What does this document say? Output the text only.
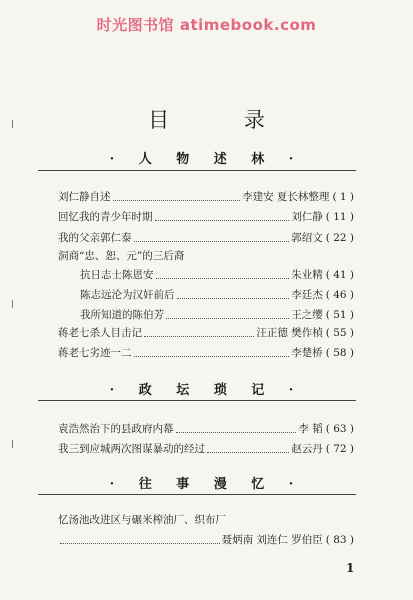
时光图书馆 atimebook.com
目 录
· 人 物 述 林 ·
刘仁静自述	李建安 夏长林整理 ( 1 )
回忆我的青少年时期	刘仁静 ( 11 )
我的父亲郭仁泰	郭绍文 ( 22 )
洞商“忠、恕、元”的三后裔
抗日志士陈恩安	朱业精 ( 41 )
陈志远沦为汉奸前后	李廷杰 ( 46 )
我所知道的陈伯芳	王之缨 ( 51 )
蒋老七杀人目击记	汪正德 樊作楨 ( 55 )
蒋老七劣迹一二	李楚桥 ( 58 )
· 政 坛 琐 记 ·
袁浩然治下的县政府内幕	李 韬 ( 63 )
我三到应城两次图谋暴动的经过	赵云丹 ( 72 )
· 往 事 漫 忆 ·
忆汤池改进区与碾米榨油厂、织布厂
聂炳南 刘连仁 罗伯臣 ( 83 )
1
